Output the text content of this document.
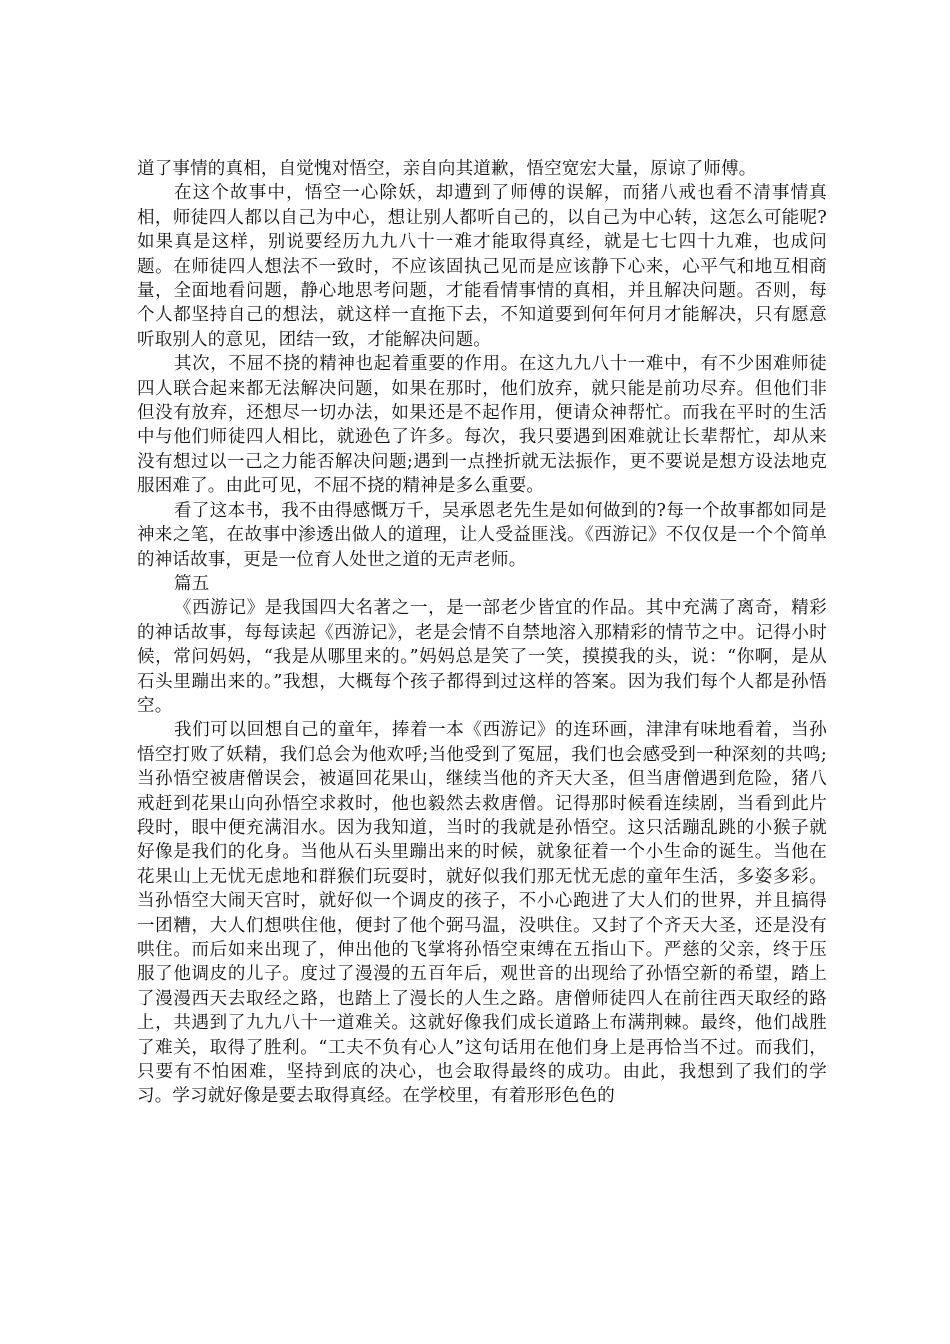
道了事情的真相，自觉愧对悟空，亲自向其道歉，悟空宽宏大量，原谅了师傅。

在这个故事中，悟空一心除妖，却遭到了师傅的误解，而猪八戒也看不清事情真相，师徒四人都以自己为中心，想让别人都听自己的，以自己为中心转，这怎么可能呢?如果真是这样，别说要经历九九八十一难才能取得真经，就是七七四十九难，也成问题。在师徒四人想法不一致时，不应该固执己见而是应该静下心来，心平气和地互相商量，全面地看问题，静心地思考问题，才能看情事情的真相，并且解决问题。否则，每个人都坚持自己的想法，就这样一直拖下去，不知道要到何年何月才能解决，只有愿意听取别人的意见，团结一致，才能解决问题。

其次，不屈不挠的精神也起着重要的作用。在这九九八十一难中，有不少困难师徒四人联合起来都无法解决问题，如果在那时，他们放弃，就只能是前功尽弃。但他们非但没有放弃，还想尽一切办法，如果还是不起作用，便请众神帮忙。而我在平时的生活中与他们师徒四人相比，就逊色了许多。每次，我只要遇到困难就让长辈帮忙，却从来没有想过以一己之力能否解决问题;遇到一点挫折就无法振作，更不要说是想方设法地克服困难了。由此可见，不屈不挠的精神是多么重要。

看了这本书，我不由得感慨万千，吴承恩老先生是如何做到的?每一个故事都如同是神来之笔，在故事中渗透出做人的道理，让人受益匪浅。《西游记》不仅仅是一个个简单的神话故事，更是一位育人处世之道的无声老师。

篇五

《西游记》是我国四大名著之一，是一部老少皆宜的作品。其中充满了离奇，精彩的神话故事，每每读起《西游记》，老是会情不自禁地溶入那精彩的情节之中。记得小时候，常问妈妈，“我是从哪里来的。”妈妈总是笑了一笑，摸摸我的头，说：“你啊，是从石头里蹦出来的。”我想，大概每个孩子都得到过这样的答案。因为我们每个人都是孙悟空。

我们可以回想自己的童年，捧着一本《西游记》的连环画，津津有味地看着，当孙悟空打败了妖精，我们总会为他欢呼;当他受到了冤屈，我们也会感受到一种深刻的共鸣;当孙悟空被唐僧误会，被逼回花果山，继续当他的齐天大圣，但当唐僧遇到危险，猪八戒赶到花果山向孙悟空求救时，他也毅然去救唐僧。记得那时候看连续剧，当看到此片段时，眼中便充满泪水。因为我知道，当时的我就是孙悟空。这只活蹦乱跳的小猴子就好像是我们的化身。当他从石头里蹦出来的时候，就象征着一个小生命的诞生。当他在花果山上无忧无虑地和群猴们玩耍时，就好似我们那无忧无虑的童年生活，多姿多彩。当孙悟空大闹天宫时，就好似一个调皮的孩子，不小心跑进了大人们的世界，并且搞得一团糟，大人们想哄住他，便封了他个弼马温，没哄住。又封了个齐天大圣，还是没有哄住。而后如来出现了，伸出他的飞掌将孙悟空束缚在五指山下。严慈的父亲，终于压服了他调皮的儿子。度过了漫漫的五百年后，观世音的出现给了孙悟空新的希望，踏上了漫漫西天去取经之路，也踏上了漫长的人生之路。唐僧师徒四人在前往西天取经的路上，共遇到了九九八十一道难关。这就好像我们成长道路上布满荆棘。最终，他们战胜了难关，取得了胜利。“工夫不负有心人”这句话用在他们身上是再恰当不过。而我们，只要有不怕困难，坚持到底的决心，也会取得最终的成功。由此，我想到了我们的学习。学习就好像是要去取得真经。在学校里，有着形形色色的
